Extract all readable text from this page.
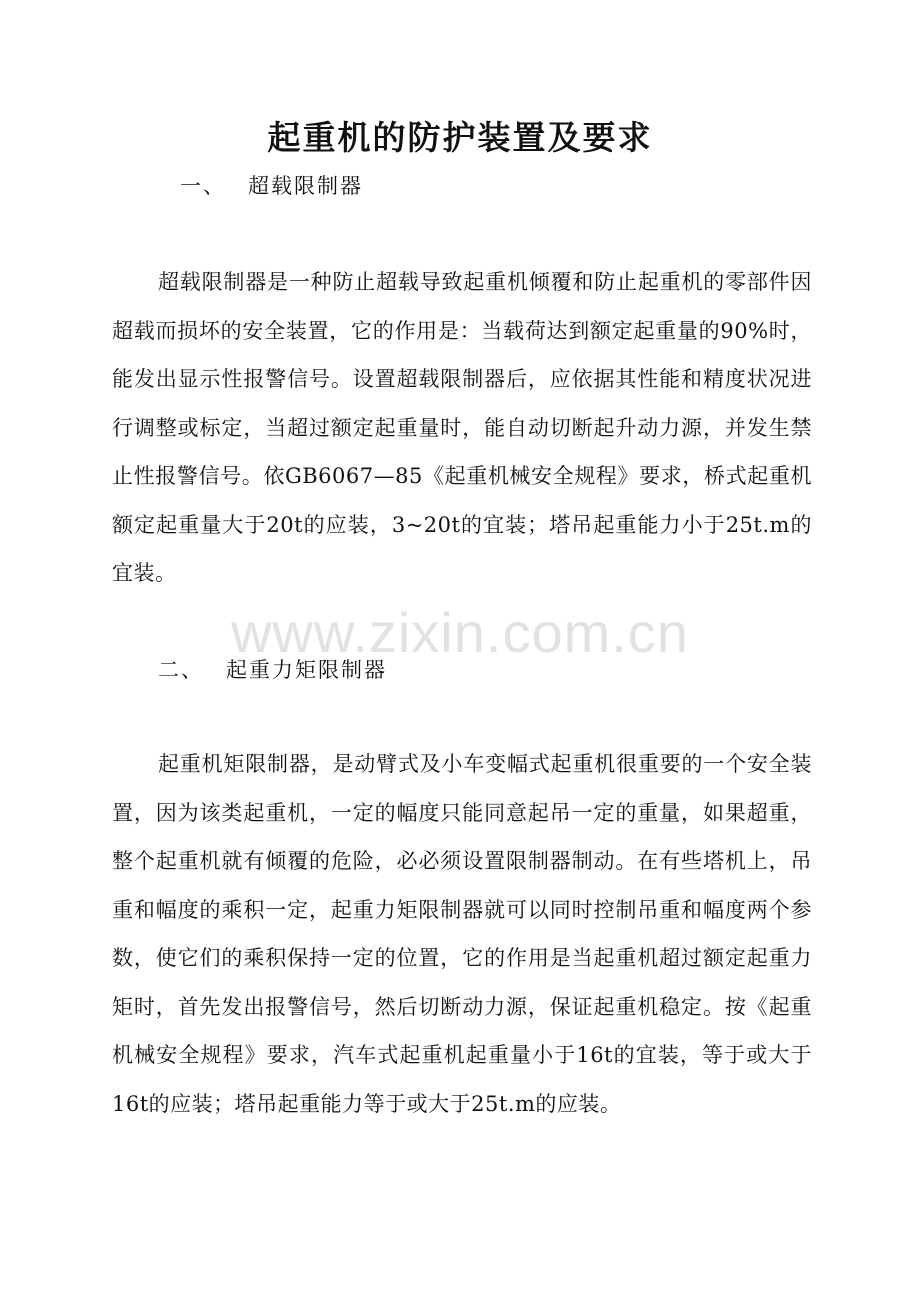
起重机的防护装置及要求
一、 超载限制器

超载限制器是一种防止超载导致起重机倾覆和防止起重机的零部件因超载而损坏的安全装置，它的作用是：当载荷达到额定起重量的90%时，能发出显示性报警信号。设置超载限制器后，应依据其性能和精度状况进行调整或标定，当超过额定起重量时，能自动切断起升动力源，并发生禁止性报警信号。依GB6067—85《起重机械安全规程》要求，桥式起重机额定起重量大于20t的应装，3~20t的宜装；塔吊起重能力小于25t.m的宜装。

www.zixin.com.cn
二、 起重力矩限制器

起重机矩限制器，是动臂式及小车变幅式起重机很重要的一个安全装置，因为该类起重机，一定的幅度只能同意起吊一定的重量，如果超重，整个起重机就有倾覆的危险，必必须设置限制器制动。在有些塔机上，吊重和幅度的乘积一定，起重力矩限制器就可以同时控制吊重和幅度两个参数，使它们的乘积保持一定的位置，它的作用是当起重机超过额定起重力矩时，首先发出报警信号，然后切断动力源，保证起重机稳定。按《起重机械安全规程》要求，汽车式起重机起重量小于16t的宜装，等于或大于16t的应装；塔吊起重能力等于或大于25t.m的应装。
